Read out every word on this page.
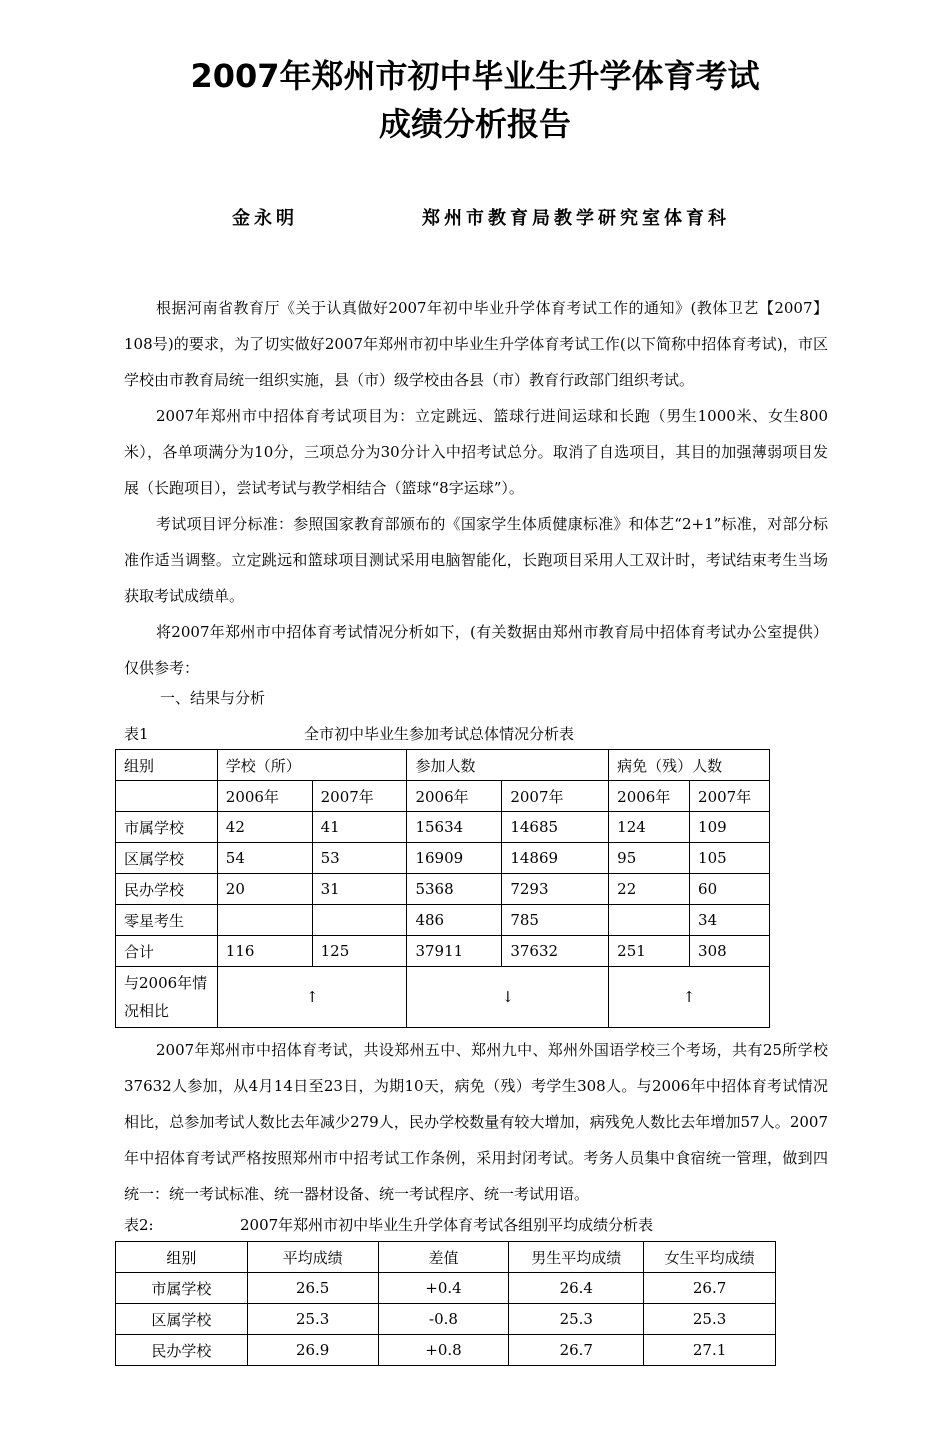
2007年郑州市初中毕业生升学体育考试
成绩分析报告
金永明	郑州市教育局教学研究室体育科

根据河南省教育厅《关于认真做好2007年初中毕业升学体育考试工作的通知》(教体卫艺【2007】108号)的要求，为了切实做好2007年郑州市初中毕业生升学体育考试工作(以下简称中招体育考试)，市区学校由市教育局统一组织实施，县（市）级学校由各县（市）教育行政部门组织考试。

2007年郑州市中招体育考试项目为：立定跳远、篮球行进间运球和长跑（男生1000米、女生800米），各单项满分为10分，三项总分为30分计入中招考试总分。取消了自选项目，其目的加强薄弱项目发展（长跑项目），尝试考试与教学相结合（篮球“8字运球”）。

考试项目评分标准：参照国家教育部颁布的《国家学生体质健康标准》和体艺“2+1”标准，对部分标准作适当调整。立定跳远和篮球项目测试采用电脑智能化，长跑项目采用人工双计时，考试结束考生当场获取考试成绩单。

将2007年郑州市中招体育考试情况分析如下，(有关数据由郑州市教育局中招体育考试办公室提供）仅供参考：

一、结果与分析
表1	全市初中毕业生参加考试总体情况分析表
组别	学校（所）		参加人数		病免（残）人数	
	2006年	2007年	2006年	2007年	2006年	2007年
市属学校	42	41	15634	14685	124	109
区属学校	54	53	16909	14869	95	105
民办学校	20	31	5368	7293	22	60
零星考生			486	785		34
合计	116	125	37911	37632	251	308
与2006年情况相比	↑		↓		↑	

2007年郑州市中招体育考试，共设郑州五中、郑州九中、郑州外国语学校三个考场，共有25所学校37632人参加，从4月14日至23日，为期10天，病免（残）考学生308人。与2006年中招体育考试情况相比，总参加考试人数比去年减少279人，民办学校数量有较大增加，病残免人数比去年增加57人。2007年中招体育考试严格按照郑州市中招考试工作条例，采用封闭考试。考务人员集中食宿统一管理，做到四统一：统一考试标准、统一器材设备、统一考试程序、统一考试用语。

表2:	2007年郑州市初中毕业生升学体育考试各组别平均成绩分析表
组别	平均成绩	差值	男生平均成绩	女生平均成绩
市属学校	26.5	+0.4	26.4	26.7
区属学校	25.3	-0.8	25.3	25.3
民办学校	26.9	+0.8	26.7	27.1
